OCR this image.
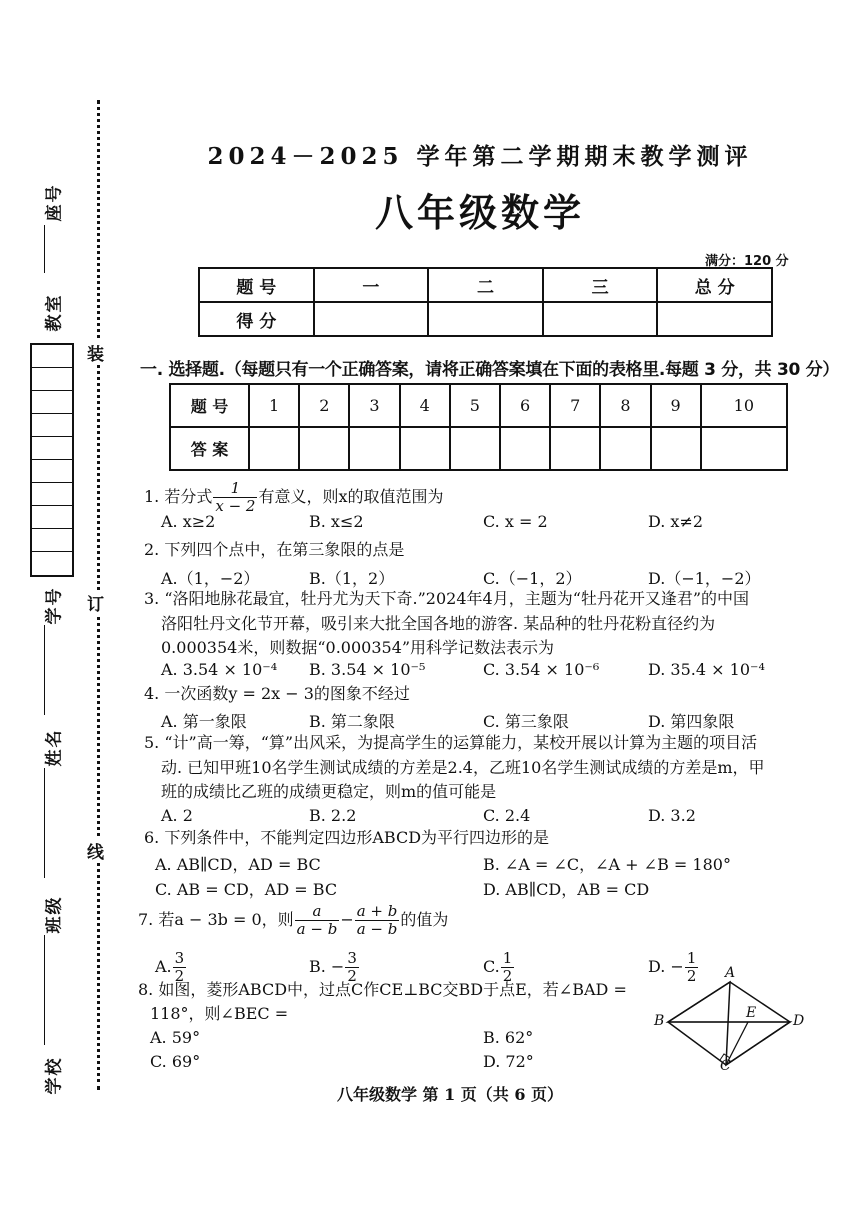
装
订
线
座号
教室
学号
姓名
班级
学校
2024－2025 学年第二学期期末教学测评
八年级数学
满分：120 分
题 号	一	二	三	总 分
得 分				
一. 选择题.（每题只有一个正确答案，请将正确答案填在下面的表格里.每题 3 分，共 30 分）
题 号	1	2	3	4	5	6	7	8	9	10
答 案										
1. 若分式 $\frac{1}{x - 2}$ 有意义，则x的取值范围为
A. x≥2	B. x≤2	C. x = 2	D. x≠2
2. 下列四个点中，在第三象限的点是
A.（1，−2）	B.（1，2）	C.（−1，2）	D.（−1，−2）
3. “洛阳地脉花最宜，牡丹尤为天下奇.”2024年4月，主题为“牡丹花开又逢君”的中国
洛阳牡丹文化节开幕，吸引来大批全国各地的游客. 某品种的牡丹花粉直径约为
0.000354米，则数据“0.000354”用科学记数法表示为
A. 3.54 × 10⁻⁴ B. 3.54 × 10⁻⁵	C. 3.54 × 10⁻⁶	D. 35.4 × 10⁻⁴
4. 一次函数y = 2x − 3的图象不经过
A. 第一象限	B. 第二象限	C. 第三象限	D. 第四象限
5. “计”高一筹，“算”出风采，为提高学生的运算能力，某校开展以计算为主题的项目活
动. 已知甲班10名学生测试成绩的方差是2.4，乙班10名学生测试成绩的方差是m，甲
班的成绩比乙班的成绩更稳定，则m的值可能是
A. 2	B. 2.2	C. 2.4	D. 3.2
6. 下列条件中，不能判定四边形ABCD为平行四边形的是
A. AB∥CD，AD = BC	B. ∠A = ∠C，∠A + ∠B = 180°
C. AB = CD，AD = BC	D. AB∥CD，AB = CD
7. 若a − 3b = 0，则 $\frac{a}{a - b} - \frac{a + b}{a - b}$ 的值为
A. $\frac{3}{2}$	B. − $\frac{3}{2}$	C. $\frac{1}{2}$	D. − $\frac{1}{2}$
8. 如图，菱形ABCD中，过点C作CE⊥BC交BD于点E，若∠BAD =
118°，则∠BEC =
A. 59°	B. 62°
C. 69°	D. 72°
A
B	E	D
C
八年级数学 第 1 页（共 6 页）
